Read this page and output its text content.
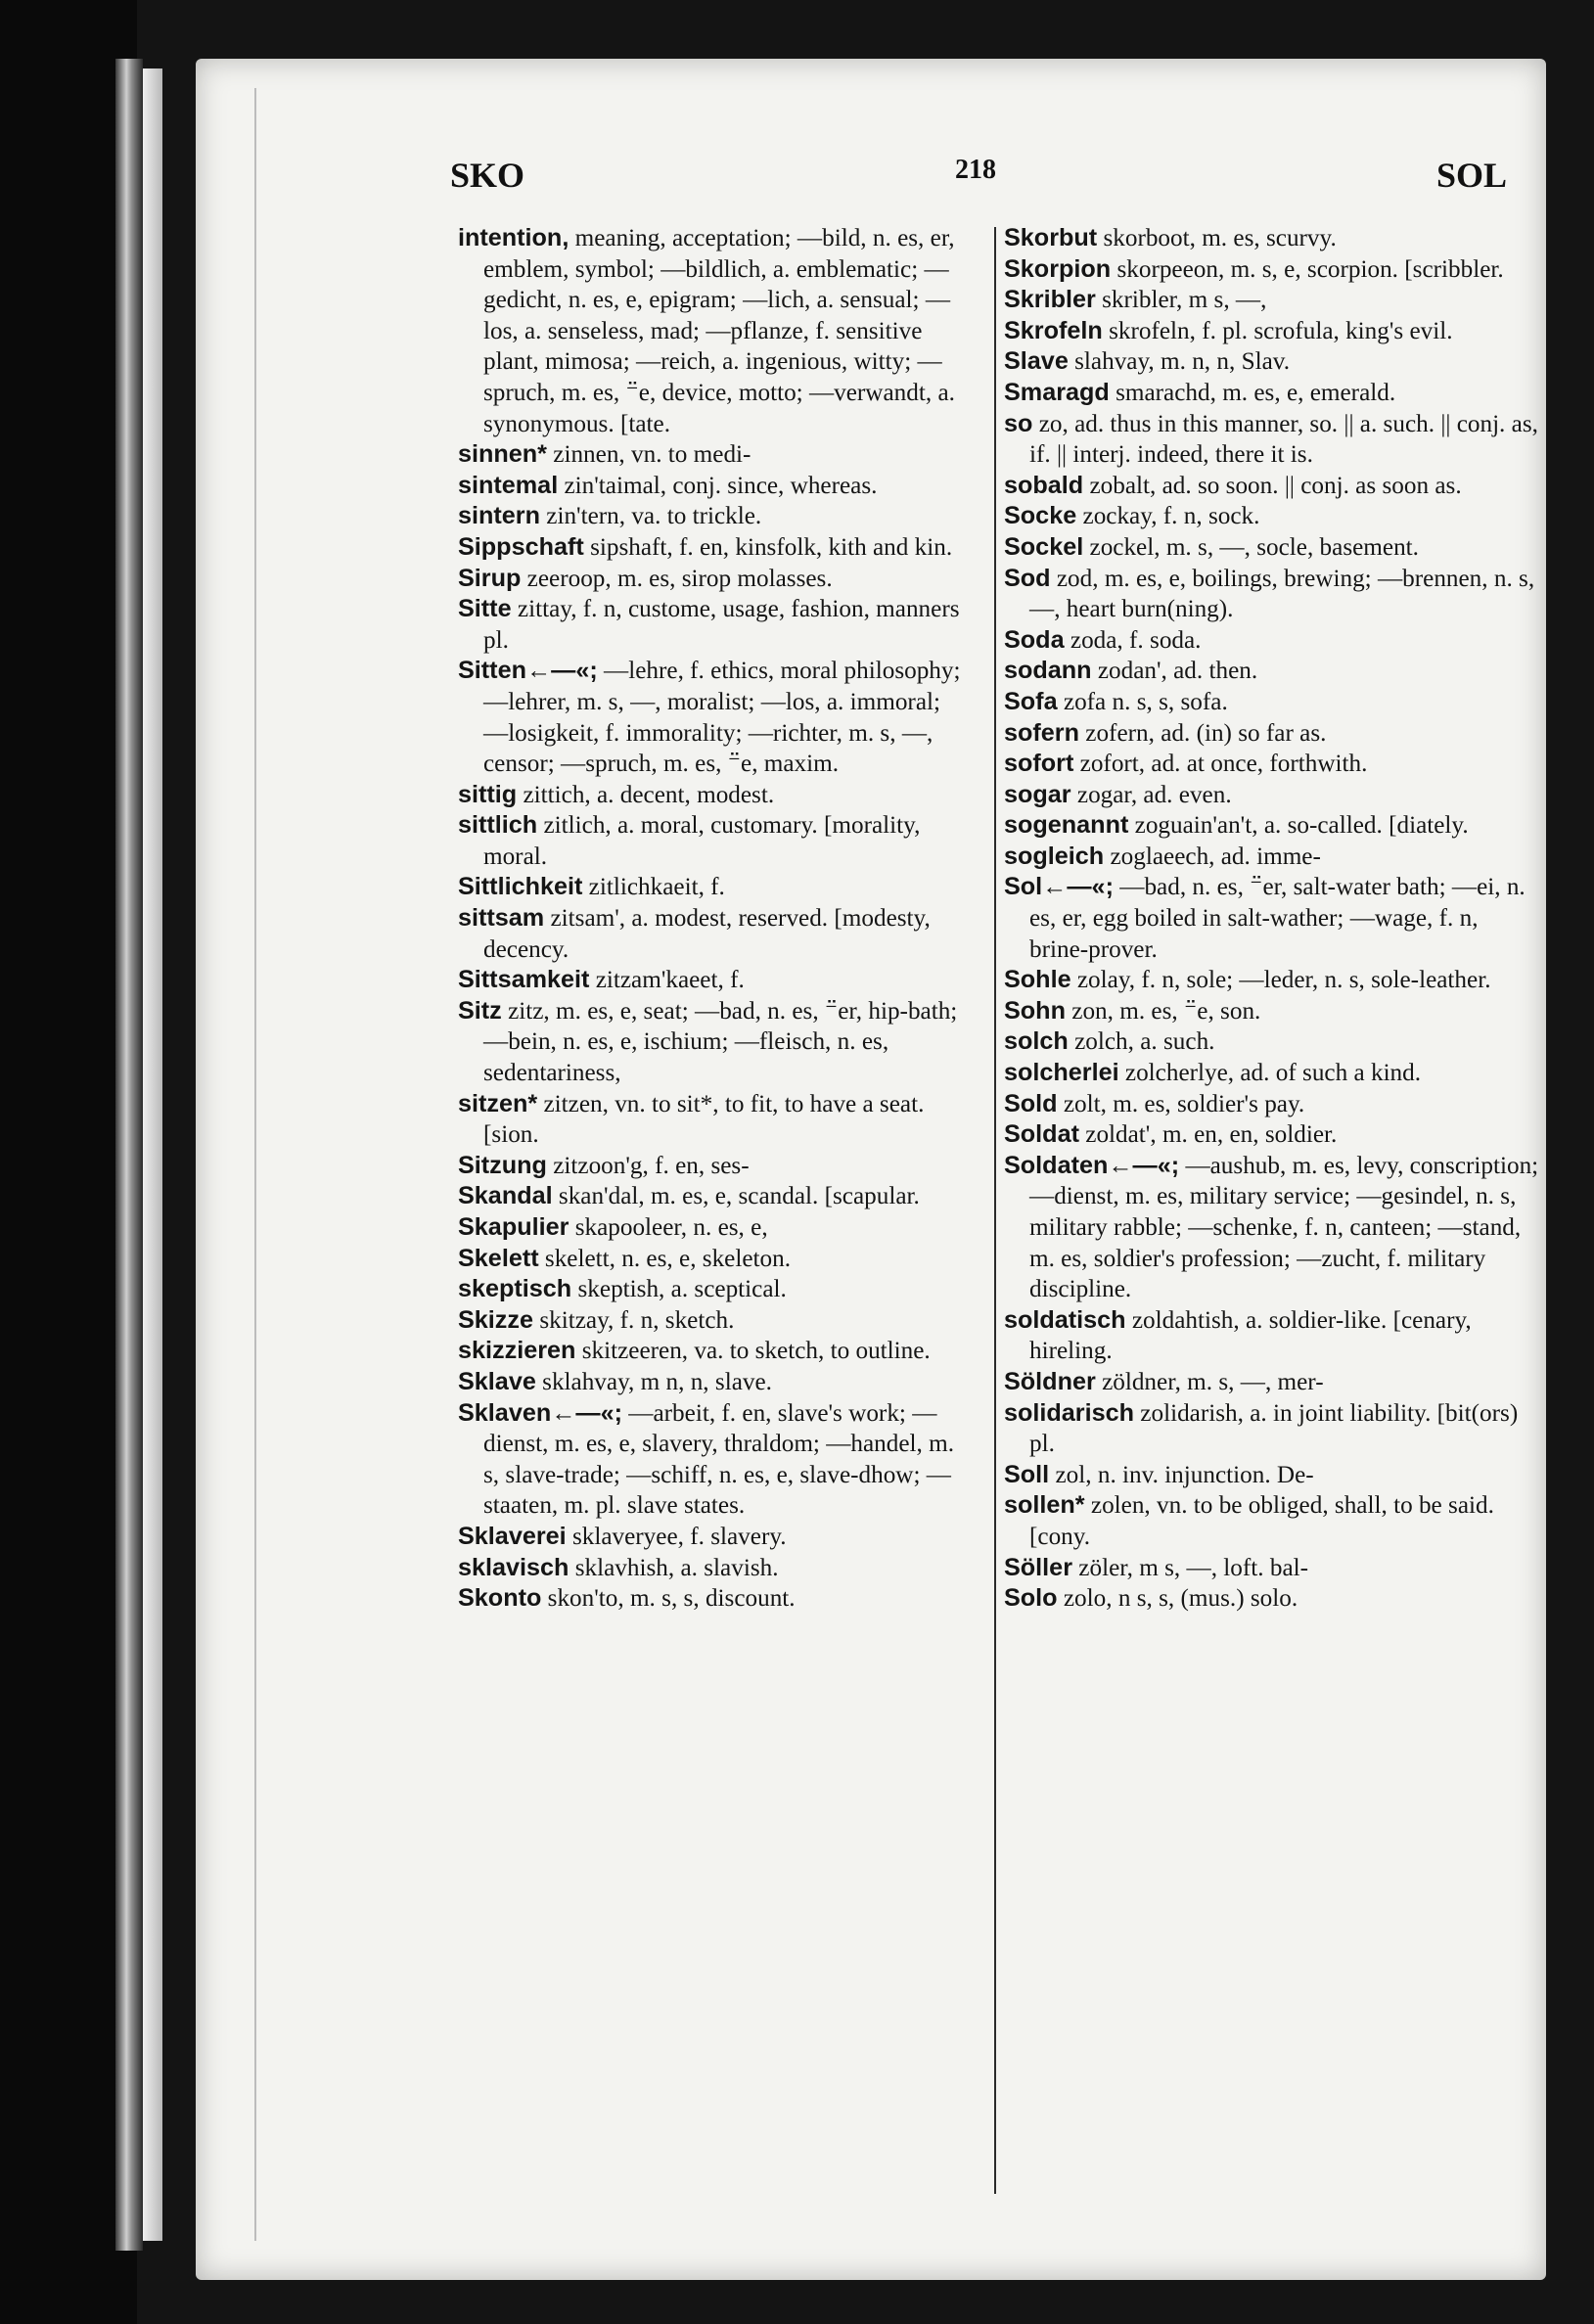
SKO	218	SOL

intention, meaning, acceptation; —bild, n. es, er, emblem, symbol; —bildlich, a. emblematic; —gedicht, n. es, e, epigram; —lich, a. sensual; —los, a. senseless, mad; —pflanze, f. sensitive plant, mimosa; —reich, a. ingenious, witty; —spruch, m. es, ⁻̈e, device, motto; —verwandt, a. synonymous. [tate.

sinnen* zinnen, vn. to medi-

sintemal zin'taimal, conj. since, whereas.

sintern zin'tern, va. to trickle.

Sippschaft sipshaft, f. en, kinsfolk, kith and kin.

Sirup zeeroop, m. es, sirop molasses.

Sitte zittay, f. n, custome, usage, fashion, manners pl.

Sitten←—«; —lehre, f. ethics, moral philosophy; —lehrer, m. s, —, moralist; —los, a. immoral; —losigkeit, f. immorality; —richter, m. s, —, censor; —spruch, m. es, ⁻̈e, maxim.

sittig zittich, a. decent, modest.

sittlich zitlich, a. moral, customary. [morality, moral.

Sittlichkeit zitlichkaeit, f.

sittsam zitsam', a. modest, reserved. [modesty, decency.

Sittsamkeit zitzam'kaeet, f.

Sitz zitz, m. es, e, seat; —bad, n. es, ⁻̈er, hip-bath; —bein, n. es, e, ischium; —fleisch, n. es, sedentariness,

sitzen* zitzen, vn. to sit*, to fit, to have a seat. [sion.

Sitzung zitzoon'g, f. en, ses-

Skandal skan'dal, m. es, e, scandal. [scapular.

Skapulier skapooleer, n. es, e,

Skelett skelett, n. es, e, skeleton.

skeptisch skeptish, a. sceptical.

Skizze skitzay, f. n, sketch.

skizzieren skitzeeren, va. to sketch, to outline.

Sklave sklahvay, m n, n, slave.

Sklaven←—«; —arbeit, f. en, slave's work; —dienst, m. es, e, slavery, thraldom; —handel, m. s, slave-trade; —schiff, n. es, e, slave-dhow; —staaten, m. pl. slave states.

Sklaverei sklaveryee, f. slavery.

sklavisch sklavhish, a. slavish.

Skonto skon'to, m. s, s, discount.

Skorbut skorboot, m. es, scurvy.

Skorpion skorpeeon, m. s, e, scorpion. [scribbler.

Skribler skribler, m s, —,

Skrofeln skrofeln, f. pl. scrofula, king's evil.

Slave slahvay, m. n, n, Slav.

Smaragd smarachd, m. es, e, emerald.

so zo, ad. thus in this manner, so. || a. such. || conj. as, if. || interj. indeed, there it is.

sobald zobalt, ad. so soon. || conj. as soon as.

Socke zockay, f. n, sock.

Sockel zockel, m. s, —, socle, basement.

Sod zod, m. es, e, boilings, brewing; —brennen, n. s, —, heart burn(ning).

Soda zoda, f. soda.

sodann zodan', ad. then.

Sofa zofa n. s, s, sofa.

sofern zofern, ad. (in) so far as.

sofort zofort, ad. at once, forthwith.

sogar zogar, ad. even.

sogenannt zoguain'an't, a. so-called. [diately.

sogleich zoglaeech, ad. imme-

Sol←—«; —bad, n. es, ⁻̈er, salt-water bath; —ei, n. es, er, egg boiled in salt-wather; —wage, f. n, brine-prover.

Sohle zolay, f. n, sole; —leder, n. s, sole-leather.

Sohn zon, m. es, ⁻̈e, son.

solch zolch, a. such.

solcherlei zolcherlye, ad. of such a kind.

Sold zolt, m. es, soldier's pay.

Soldat zoldat', m. en, en, soldier.

Soldaten←—«; —aushub, m. es, levy, conscription; —dienst, m. es, military service; —gesindel, n. s, military rabble; —schenke, f. n, canteen; —stand, m. es, soldier's profession; —zucht, f. military discipline.

soldatisch zoldahtish, a. soldier-like. [cenary, hireling.

Söldner zöldner, m. s, —, mer-

solidarisch zolidarish, a. in joint liability. [bit(ors) pl.

Soll zol, n. inv. injunction. De-

sollen* zolen, vn. to be obliged, shall, to be said. [cony.

Söller zöler, m s, —, loft. bal-

Solo zolo, n s, s, (mus.) solo.
